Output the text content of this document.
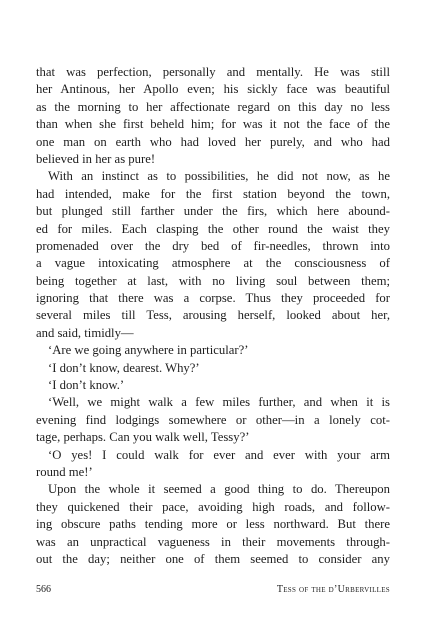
that was perfection, personally and mentally. He was still
her Antinous, her Apollo even; his sickly face was beautiful
as the morning to her affectionate regard on this day no less
than when she first beheld him; for was it not the face of the
one man on earth who had loved her purely, and who had
believed in her as pure!
With an instinct as to possibilities, he did not now, as he
had intended, make for the first station beyond the town,
but plunged still farther under the firs, which here abound-
ed for miles. Each clasping the other round the waist they
promenaded over the dry bed of fir-needles, thrown into
a vague intoxicating atmosphere at the consciousness of
being together at last, with no living soul between them;
ignoring that there was a corpse. Thus they proceeded for
several miles till Tess, arousing herself, looked about her,
and said, timidly—
‘Are we going anywhere in particular?’
‘I don’t know, dearest. Why?’
‘I don’t know.’
‘Well, we might walk a few miles further, and when it is
evening find lodgings somewhere or other—in a lonely cot-
tage, perhaps. Can you walk well, Tessy?’
‘O yes! I could walk for ever and ever with your arm
round me!’
Upon the whole it seemed a good thing to do. Thereupon
they quickened their pace, avoiding high roads, and follow-
ing obscure paths tending more or less northward. But there
was an unpractical vagueness in their movements through-
out the day; neither one of them seemed to consider any
566	Tess of the d’Urbervilles
